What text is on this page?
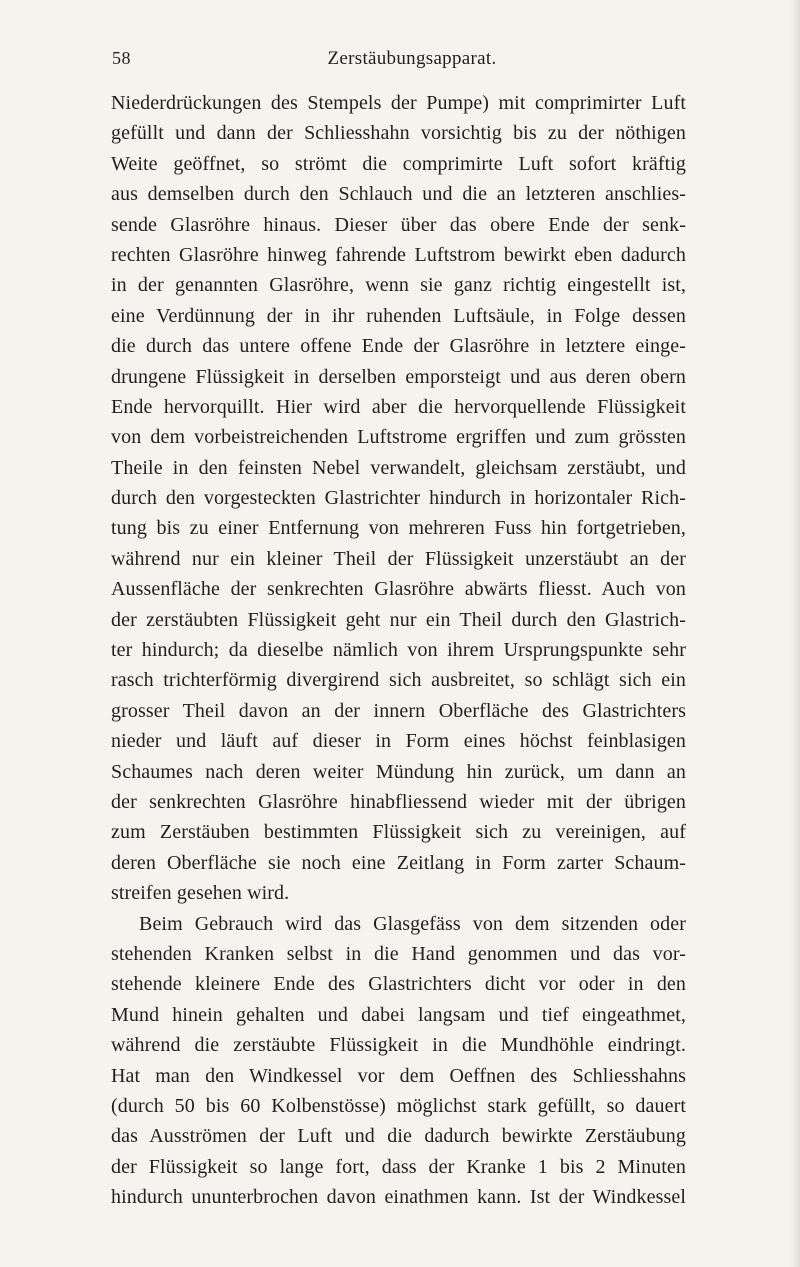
58	Zerstäubungsapparat.
Niederdrückungen des Stempels der Pumpe) mit comprimirter Luft
gefüllt und dann der Schliesshahn vorsichtig bis zu der nöthigen
Weite geöffnet, so strömt die comprimirte Luft sofort kräftig
aus demselben durch den Schlauch und die an letzteren anschlies-
sende Glasröhre hinaus. Dieser über das obere Ende der senk-
rechten Glasröhre hinweg fahrende Luftstrom bewirkt eben dadurch
in der genannten Glasröhre, wenn sie ganz richtig eingestellt ist,
eine Verdünnung der in ihr ruhenden Luftsäule, in Folge dessen
die durch das untere offene Ende der Glasröhre in letztere einge-
drungene Flüssigkeit in derselben emporsteigt und aus deren obern
Ende hervorquillt. Hier wird aber die hervorquellende Flüssigkeit
von dem vorbeistreichenden Luftstrome ergriffen und zum grössten
Theile in den feinsten Nebel verwandelt, gleichsam zerstäubt, und
durch den vorgesteckten Glastrichter hindurch in horizontaler Rich-
tung bis zu einer Entfernung von mehreren Fuss hin fortgetrieben,
während nur ein kleiner Theil der Flüssigkeit unzerstäubt an der
Aussenfläche der senkrechten Glasröhre abwärts fliesst. Auch von
der zerstäubten Flüssigkeit geht nur ein Theil durch den Glastrich-
ter hindurch; da dieselbe nämlich von ihrem Ursprungspunkte sehr
rasch trichterförmig divergirend sich ausbreitet, so schlägt sich ein
grosser Theil davon an der innern Oberfläche des Glastrichters
nieder und läuft auf dieser in Form eines höchst feinblasigen
Schaumes nach deren weiter Mündung hin zurück, um dann an
der senkrechten Glasröhre hinabfliessend wieder mit der übrigen
zum Zerstäuben bestimmten Flüssigkeit sich zu vereinigen, auf
deren Oberfläche sie noch eine Zeitlang in Form zarter Schaum-
streifen gesehen wird.
Beim Gebrauch wird das Glasgefäss von dem sitzenden oder
stehenden Kranken selbst in die Hand genommen und das vor-
stehende kleinere Ende des Glastrichters dicht vor oder in den
Mund hinein gehalten und dabei langsam und tief eingeathmet,
während die zerstäubte Flüssigkeit in die Mundhöhle eindringt.
Hat man den Windkessel vor dem Oeffnen des Schliesshahns
(durch 50 bis 60 Kolbenstösse) möglichst stark gefüllt, so dauert
das Ausströmen der Luft und die dadurch bewirkte Zerstäubung
der Flüssigkeit so lange fort, dass der Kranke 1 bis 2 Minuten
hindurch ununterbrochen davon einathmen kann. Ist der Windkessel
